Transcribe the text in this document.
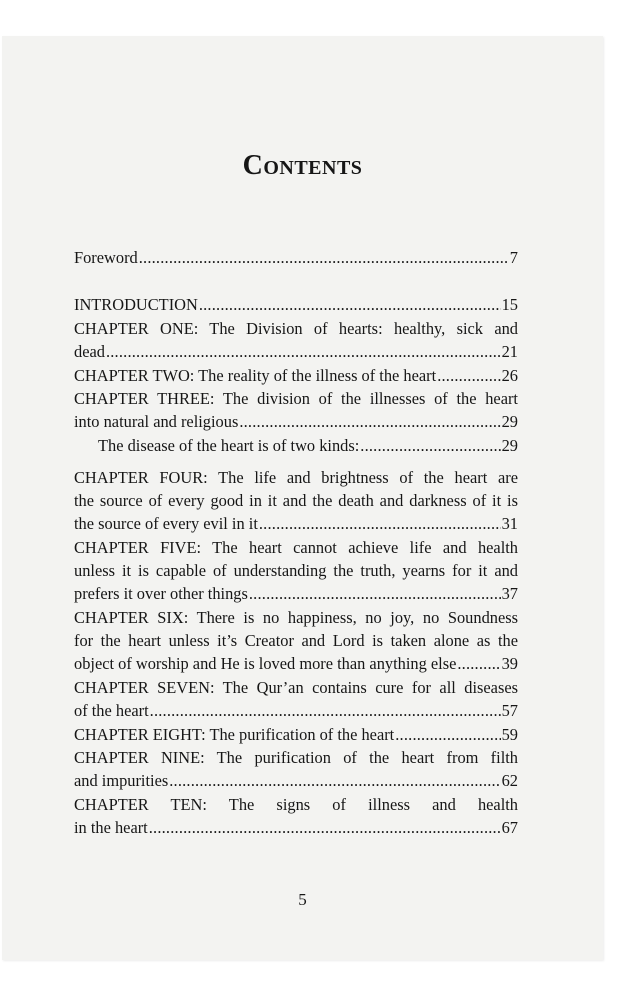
Contents
Foreword .....	7
INTRODUCTION .....	15
CHAPTER ONE: The Division of hearts: healthy, sick and
dead .....	21
CHAPTER TWO: The reality of the illness of the heart .....	26
CHAPTER THREE: The division of the illnesses of the heart
into natural and religious .....	29
The disease of the heart is of two kinds: .....	29
CHAPTER FOUR: The life and brightness of the heart are
the source of every good in it and the death and darkness of it is
the source of every evil in it .....	31
CHAPTER FIVE: The heart cannot achieve life and health
unless it is capable of understanding the truth, yearns for it and
prefers it over other things .....	37
CHAPTER SIX: There is no happiness, no joy, no Soundness
for the heart unless it’s Creator and Lord is taken alone as the
object of worship and He is loved more than anything else .....	39
CHAPTER SEVEN: The Qur’an contains cure for all diseases
of the heart .....	57
CHAPTER EIGHT: The purification of the heart .....	59
CHAPTER NINE: The purification of the heart from filth
and impurities .....	62
CHAPTER TEN: The signs of illness and health
in the heart .....	67
5
